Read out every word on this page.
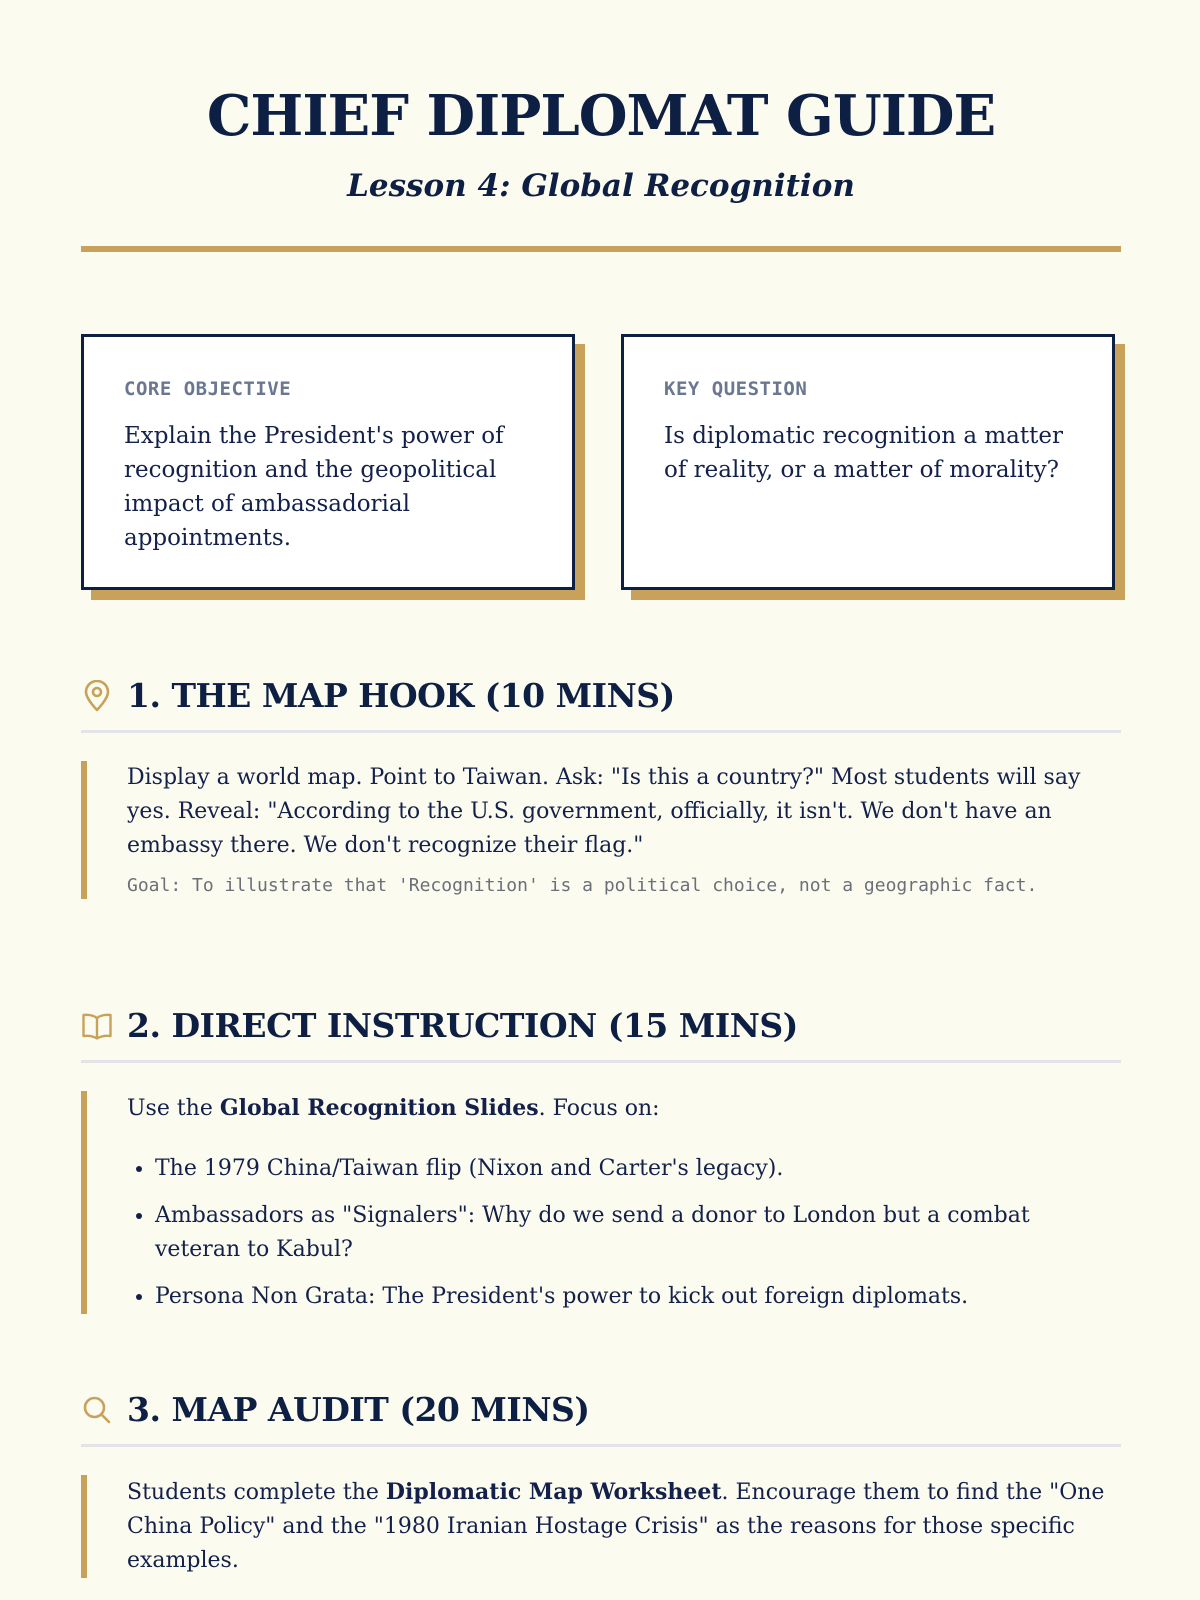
CHIEF DIPLOMAT GUIDE
Lesson 4: Global Recognition
CORE OBJECTIVE
Explain the President's power of recognition and the geopolitical impact of ambassadorial appointments.
KEY QUESTION
Is diplomatic recognition a matter of reality, or a matter of morality?
1. THE MAP HOOK (10 MINS)

Display a world map. Point to Taiwan. Ask: "Is this a country?" Most students will say yes. Reveal: "According to the U.S. government, officially, it isn't. We don't have an embassy there. We don't recognize their flag."

Goal: To illustrate that 'Recognition' is a political choice, not a geographic fact.
2. DIRECT INSTRUCTION (15 MINS)

Use the Global Recognition Slides. Focus on:

• The 1979 China/Taiwan flip (Nixon and Carter's legacy).
• Ambassadors as "Signalers": Why do we send a donor to London but a combat veteran to Kabul?
• Persona Non Grata: The President's power to kick out foreign diplomats.
3. MAP AUDIT (20 MINS)

Students complete the Diplomatic Map Worksheet. Encourage them to find the "One China Policy" and the "1980 Iranian Hostage Crisis" as the reasons for those specific examples.
